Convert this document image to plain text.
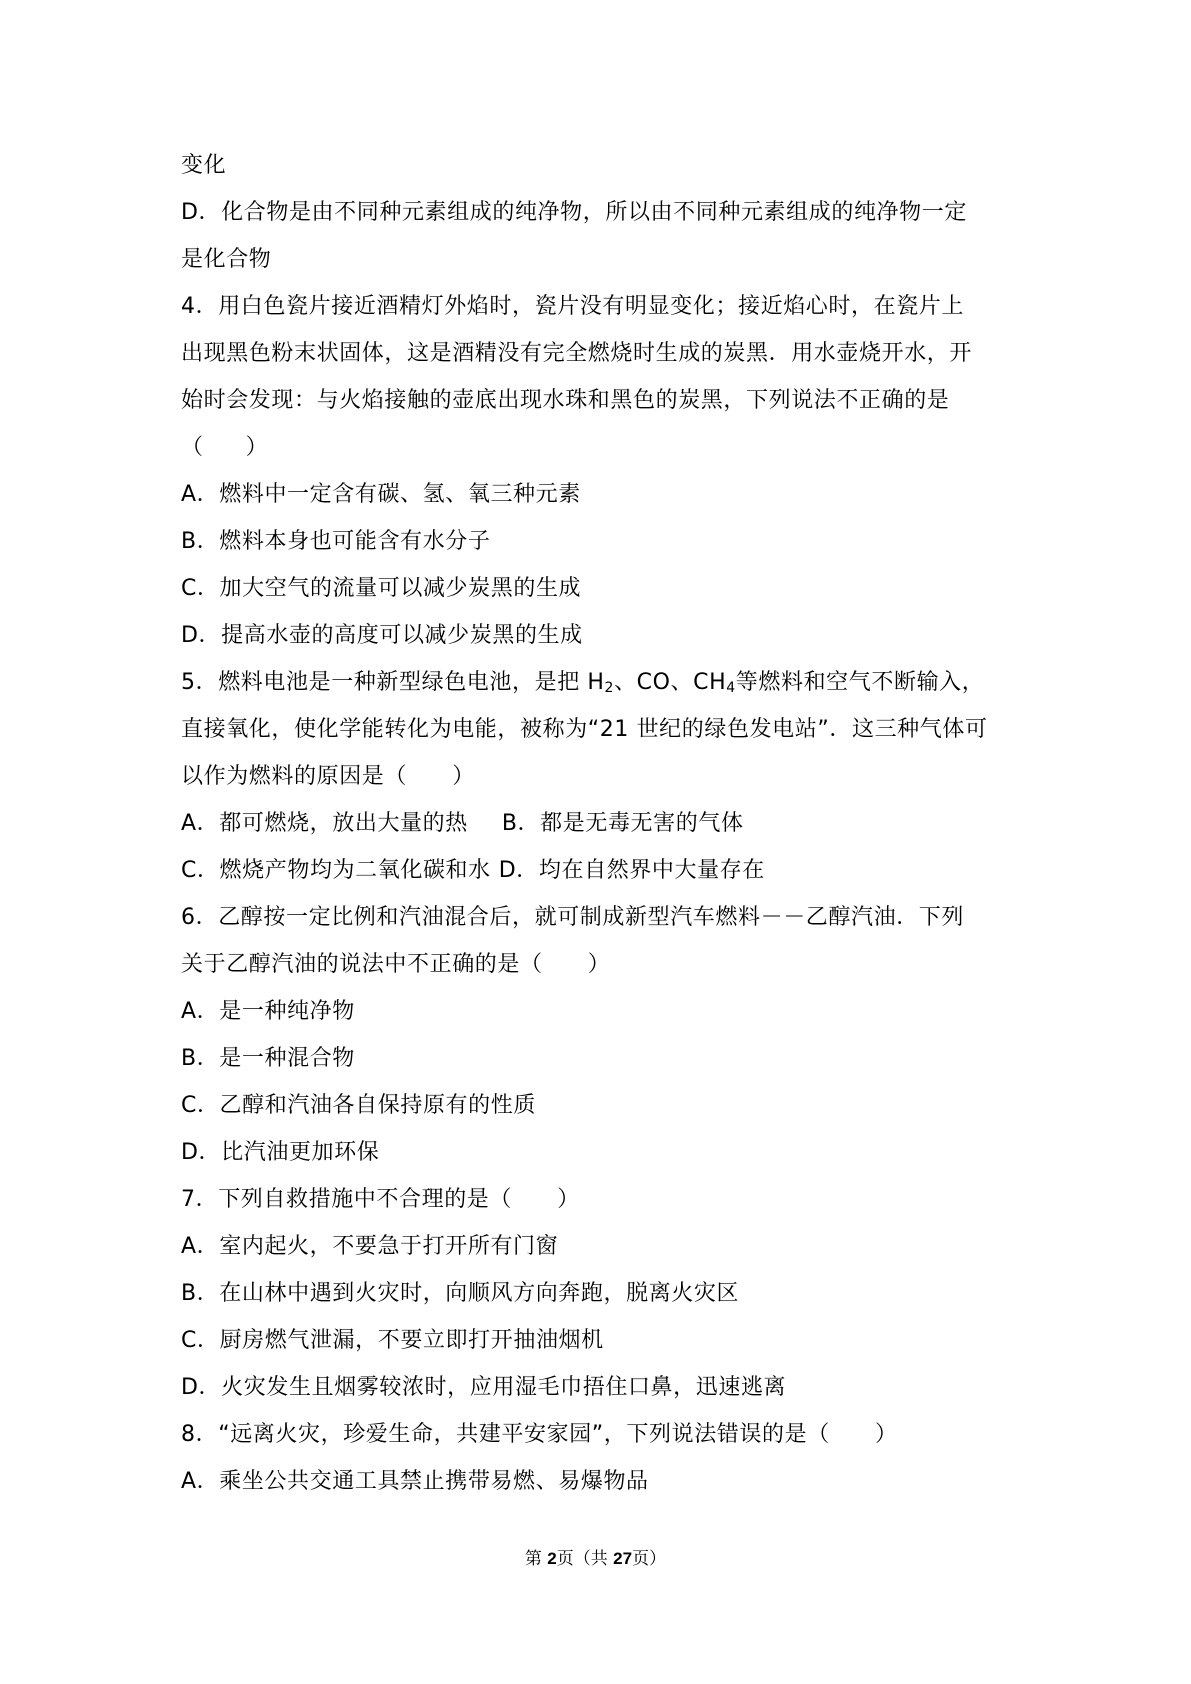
变化
D．化合物是由不同种元素组成的纯净物，所以由不同种元素组成的纯净物一定
是化合物
4．用白色瓷片接近酒精灯外焰时，瓷片没有明显变化；接近焰心时，在瓷片上
出现黑色粉末状固体，这是酒精没有完全燃烧时生成的炭黑．用水壶烧开水，开
始时会发现：与火焰接触的壶底出现水珠和黑色的炭黑，下列说法不正确的是
（ ）
A．燃料中一定含有碳、氢、氧三种元素
B．燃料本身也可能含有水分子
C．加大空气的流量可以减少炭黑的生成
D．提高水壶的高度可以减少炭黑的生成
5．燃料电池是一种新型绿色电池，是把 $H_2$、CO、$CH_4$等燃料和空气不断输入，
直接氧化，使化学能转化为电能，被称为“21 世纪的绿色发电站”．这三种气体可
以作为燃料的原因是（　　）
A．都可燃烧，放出大量的热 B．都是无毒无害的气体
C．燃烧产物均为二氧化碳和水 D．均在自然界中大量存在
6．乙醇按一定比例和汽油混合后，就可制成新型汽车燃料－－乙醇汽油．下列
关于乙醇汽油的说法中不正确的是（　　）
A．是一种纯净物
B．是一种混合物
C．乙醇和汽油各自保持原有的性质
D．比汽油更加环保
7．下列自救措施中不合理的是（　　）
A．室内起火，不要急于打开所有门窗
B．在山林中遇到火灾时，向顺风方向奔跑，脱离火灾区
C．厨房燃气泄漏，不要立即打开抽油烟机
D．火灾发生且烟雾较浓时，应用湿毛巾捂住口鼻，迅速逃离
8．“远离火灾，珍爱生命，共建平安家园”，下列说法错误的是（　　）
A．乘坐公共交通工具禁止携带易燃、易爆物品
第 2页（共 27页）
